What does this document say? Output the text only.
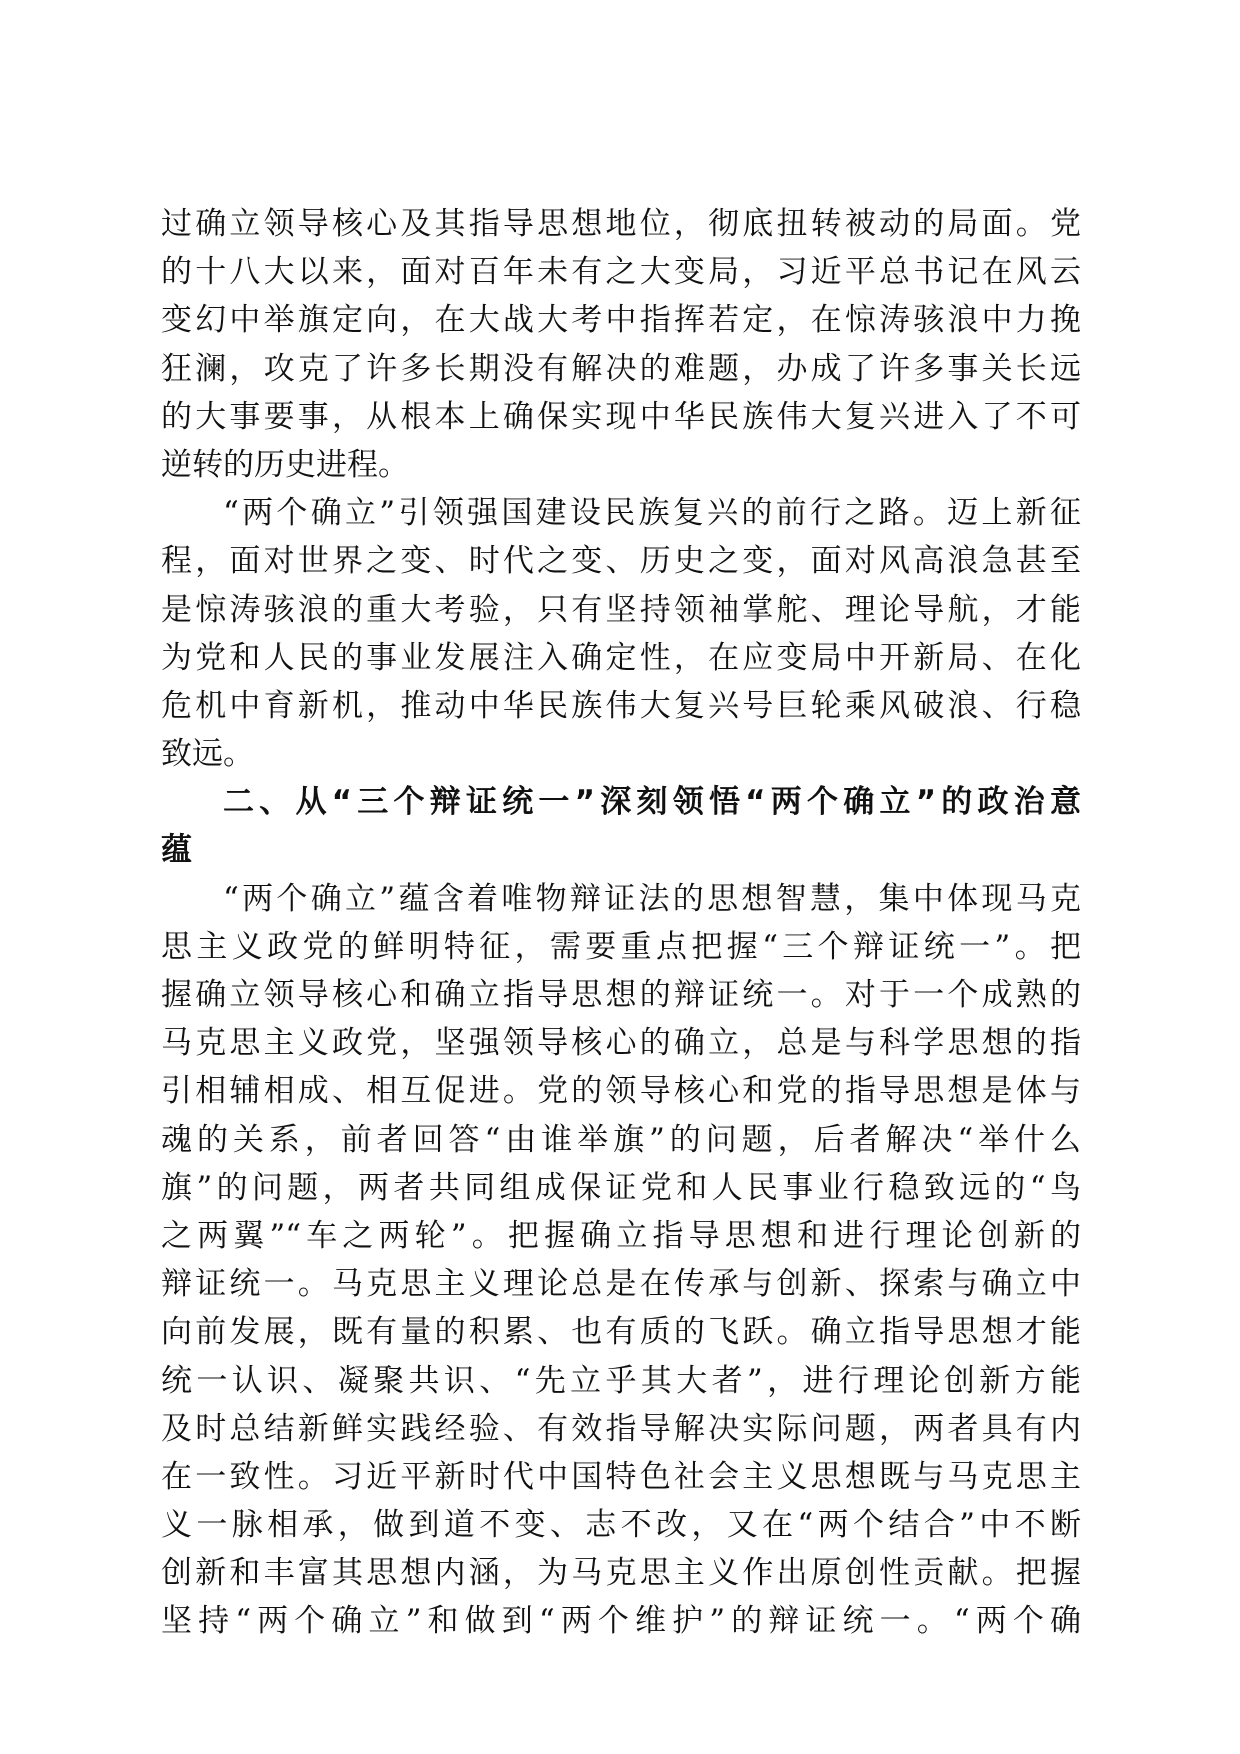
过确立领导核心及其指导思想地位，彻底扭转被动的局面。党
的十八大以来，面对百年未有之大变局，习近平总书记在风云
变幻中举旗定向，在大战大考中指挥若定，在惊涛骇浪中力挽
狂澜，攻克了许多长期没有解决的难题，办成了许多事关长远
的大事要事，从根本上确保实现中华民族伟大复兴进入了不可
逆转的历史进程。
“两个确立”引领强国建设民族复兴的前行之路。迈上新征
程，面对世界之变、时代之变、历史之变，面对风高浪急甚至
是惊涛骇浪的重大考验，只有坚持领袖掌舵、理论导航，才能
为党和人民的事业发展注入确定性，在应变局中开新局、在化
危机中育新机，推动中华民族伟大复兴号巨轮乘风破浪、行稳
致远。
二、从“三个辩证统一”深刻领悟“两个确立”的政治意
蕴
“两个确立”蕴含着唯物辩证法的思想智慧，集中体现马克
思主义政党的鲜明特征，需要重点把握“三个辩证统一”。把
握确立领导核心和确立指导思想的辩证统一。对于一个成熟的
马克思主义政党，坚强领导核心的确立，总是与科学思想的指
引相辅相成、相互促进。党的领导核心和党的指导思想是体与
魂的关系，前者回答“由谁举旗”的问题，后者解决“举什么
旗”的问题，两者共同组成保证党和人民事业行稳致远的“鸟
之两翼”“车之两轮”。把握确立指导思想和进行理论创新的
辩证统一。马克思主义理论总是在传承与创新、探索与确立中
向前发展，既有量的积累、也有质的飞跃。确立指导思想才能
统一认识、凝聚共识、“先立乎其大者”，进行理论创新方能
及时总结新鲜实践经验、有效指导解决实际问题，两者具有内
在一致性。习近平新时代中国特色社会主义思想既与马克思主
义一脉相承，做到道不变、志不改，又在“两个结合”中不断
创新和丰富其思想内涵，为马克思主义作出原创性贡献。把握
坚持“两个确立”和做到“两个维护”的辩证统一。“两个确
